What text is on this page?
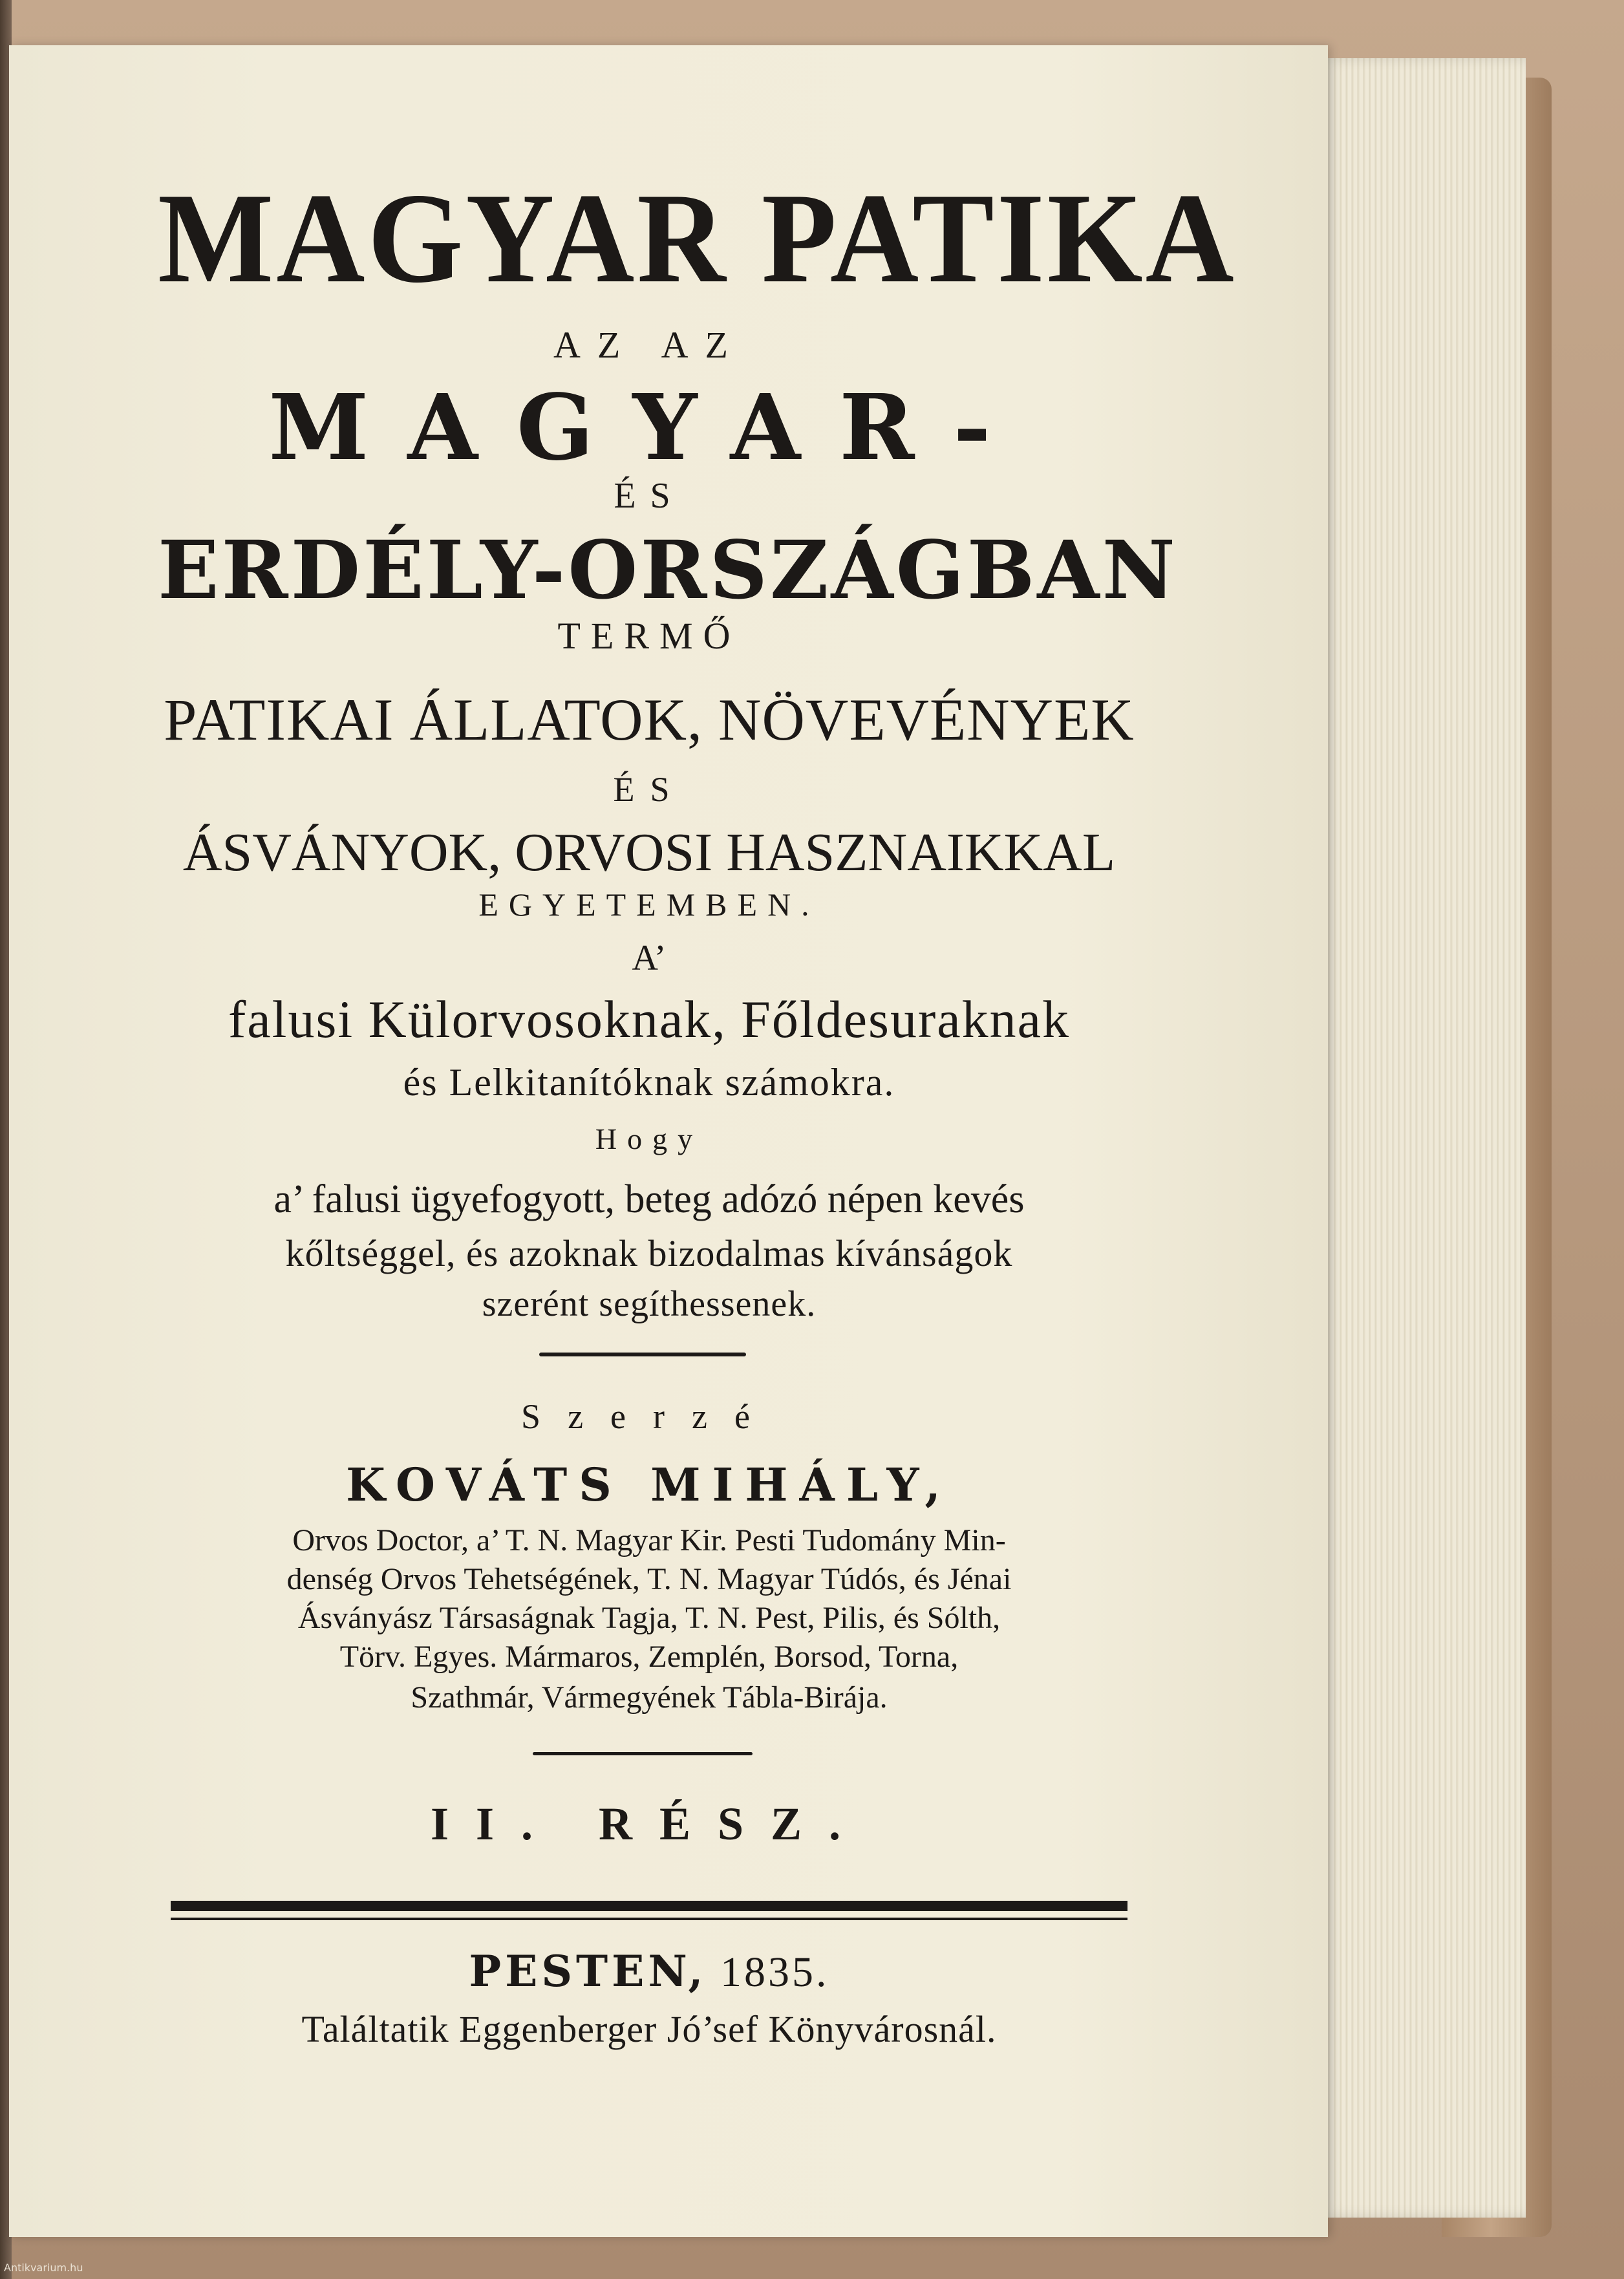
MAGYAR PATIKA
AZ AZ
MAGYAR-
ÉS
ERDÉLY-ORSZÁGBAN
TERMŐ
PATIKAI ÁLLATOK, NÖVEVÉNYEK
ÉS
ÁSVÁNYOK, ORVOSI HASZNAIKKAL
EGYETEMBEN.
A’
falusi Külorvosoknak, Főldesuraknak
és Lelkitanítóknak számokra.
Hogy
a’ falusi ügyefogyott, beteg adózó népen kevés
kőltséggel, és azoknak bizodalmas kívánságok
szerént segíthessenek.
Szerzé
KOVÁTS MIHÁLY,
Orvos Doctor, a’ T. N. Magyar Kir. Pesti Tudomány Min-
denség Orvos Tehetségének, T. N. Magyar Túdós, és Jénai
Ásványász Társaságnak Tagja, T. N. Pest, Pilis, és Sólth,
Törv. Egyes. Mármaros, Zemplén, Borsod, Torna,
Szathmár, Vármegyének Tábla-Birája.
II. RÉSZ.
PESTEN, 1835.
Találtatik Eggenberger Jó’sef Könyvárosnál.
Antikvarium.hu
